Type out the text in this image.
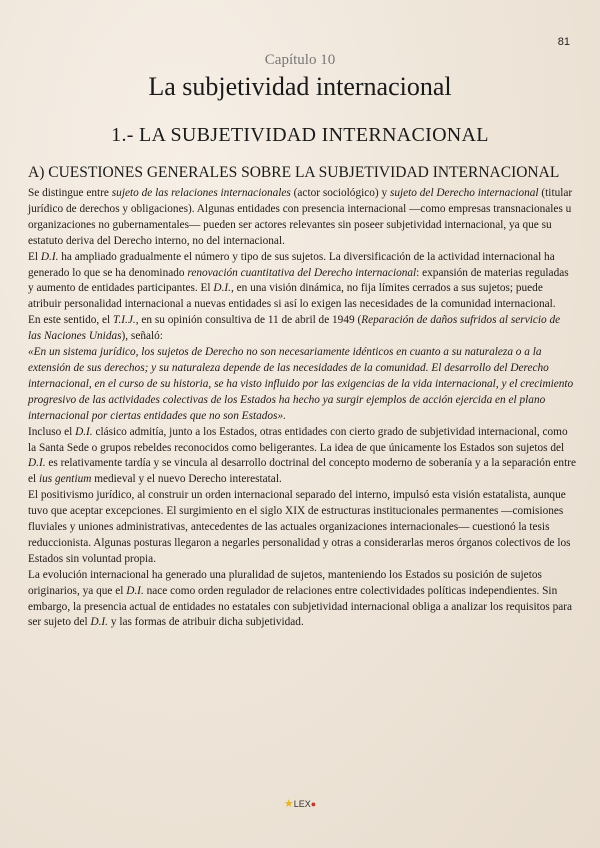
81
Capítulo 10
La subjetividad internacional
1.- LA SUBJETIVIDAD INTERNACIONAL
A) CUESTIONES GENERALES SOBRE LA SUBJETIVIDAD INTERNACIONAL

Se distingue entre sujeto de las relaciones internacionales (actor sociológico) y sujeto del Derecho internacional (titular jurídico de derechos y obligaciones). Algunas entidades con presencia internacional —como empresas transnacionales u organizaciones no gubernamentales— pueden ser actores relevantes sin poseer subjetividad internacional, ya que su estatuto deriva del Derecho interno, no del internacional.

El D.I. ha ampliado gradualmente el número y tipo de sus sujetos. La diversificación de la actividad internacional ha generado lo que se ha denominado renovación cuantitativa del Derecho internacional: expansión de materias reguladas y aumento de entidades participantes. El D.I., en una visión dinámica, no fija límites cerrados a sus sujetos; puede atribuir personalidad internacional a nuevas entidades si así lo exigen las necesidades de la comunidad internacional.

En este sentido, el T.I.J., en su opinión consultiva de 11 de abril de 1949 (Reparación de daños sufridos al servicio de las Naciones Unidas), señaló:

«En un sistema jurídico, los sujetos de Derecho no son necesariamente idénticos en cuanto a su naturaleza o a la extensión de sus derechos; y su naturaleza depende de las necesidades de la comunidad. El desarrollo del Derecho internacional, en el curso de su historia, se ha visto influido por las exigencias de la vida internacional, y el crecimiento progresivo de las actividades colectivas de los Estados ha hecho ya surgir ejemplos de acción ejercida en el plano internacional por ciertas entidades que no son Estados».

Incluso el D.I. clásico admitía, junto a los Estados, otras entidades con cierto grado de subjetividad internacional, como la Santa Sede o grupos rebeldes reconocidos como beligerantes. La idea de que únicamente los Estados son sujetos del D.I. es relativamente tardía y se vincula al desarrollo doctrinal del concepto moderno de soberanía y a la separación entre el ius gentium medieval y el nuevo Derecho interestatal.

El positivismo jurídico, al construir un orden internacional separado del interno, impulsó esta visión estatalista, aunque tuvo que aceptar excepciones. El surgimiento en el siglo XIX de estructuras institucionales permanentes —comisiones fluviales y uniones administrativas, antecedentes de las actuales organizaciones internacionales— cuestionó la tesis reduccionista. Algunas posturas llegaron a negarles personalidad y otras a considerarlas meros órganos colectivos de los Estados sin voluntad propia.

La evolución internacional ha generado una pluralidad de sujetos, manteniendo los Estados su posición de sujetos originarios, ya que el D.I. nace como orden regulador de relaciones entre colectividades políticas independientes. Sin embargo, la presencia actual de entidades no estatales con subjetividad internacional obliga a analizar los requisitos para ser sujeto del D.I. y las formas de atribuir dicha subjetividad.

★LEX●
